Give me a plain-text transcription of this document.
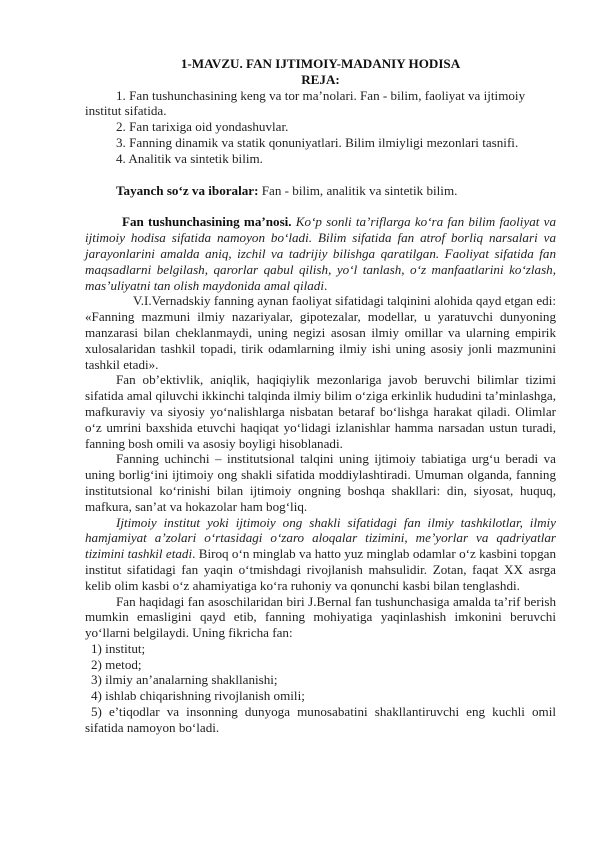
1-MAVZU. FAN IJTIMOIY-MADANIY HODISA

REJA:

1. Fan tushunchasining keng va tor ma’nolari. Fan - bilim, faoliyat va ijtimoiy institut sifatida.

2. Fan tarixiga oid yondashuvlar.

3. Fanning dinamik va statik qonuniyatlari. Bilim ilmiyligi mezonlari tasnifi.

4. Analitik va sintetik bilim.

Tayanch so‘z va iboralar: Fan - bilim, analitik va sintetik bilim.

Fan tushunchasining ma’nosi. Ko‘p sonli ta’riflarga ko‘ra fan bilim faoliyat va ijtimoiy hodisa sifatida namoyon bo‘ladi. Bilim sifatida fan atrof borliq narsalari va jarayonlarini amalda aniq, izchil va tadrijiy bilishga qaratilgan. Faoliyat sifatida fan maqsadlarni belgilash, qarorlar qabul qilish, yo‘l tanlash, o‘z manfaatlarini ko‘zlash, mas’uliyatni tan olish maydonida amal qiladi.

V.I.Vernadskiy fanning aynan faoliyat sifatidagi talqinini alohida qayd etgan edi: «Fanning mazmuni ilmiy nazariyalar, gipotezalar, modellar, u yaratuvchi dunyoning manzarasi bilan cheklanmaydi, uning negizi asosan ilmiy omillar va ularning empirik xulosalaridan tashkil topadi, tirik odamlarning ilmiy ishi uning asosiy jonli mazmunini tashkil etadi».

Fan ob’ektivlik, aniqlik, haqiqiylik mezonlariga javob beruvchi bilimlar tizimi sifatida amal qiluvchi ikkinchi talqinda ilmiy bilim o‘ziga erkinlik hududini ta’minlashga, mafkuraviy va siyosiy yo‘nalishlarga nisbatan betaraf bo‘lishga harakat qiladi. Olimlar o‘z umrini baxshida etuvchi haqiqat yo‘lidagi izlanishlar hamma narsadan ustun turadi, fanning bosh omili va asosiy boyligi hisoblanadi.

Fanning uchinchi – institutsional talqini uning ijtimoiy tabiatiga urg‘u beradi va uning borlig‘ini ijtimoiy ong shakli sifatida moddiylashtiradi. Umuman olganda, fanning institutsional ko‘rinishi bilan ijtimoiy ongning boshqa shakllari: din, siyosat, huquq, mafkura, san’at va hokazolar ham bog‘liq.

Ijtimoiy institut yoki ijtimoiy ong shakli sifatidagi fan ilmiy tashkilotlar, ilmiy hamjamiyat a’zolari o‘rtasidagi o‘zaro aloqalar tizimini, me’yorlar va qadriyatlar tizimini tashkil etadi. Biroq o‘n minglab va hatto yuz minglab odamlar o‘z kasbini topgan institut sifatidagi fan yaqin o‘tmishdagi rivojlanish mahsulidir. Zotan, faqat XX asrga kelib olim kasbi o‘z ahamiyatiga ko‘ra ruhoniy va qonunchi kasbi bilan tenglashdi.

Fan haqidagi fan asoschilaridan biri J.Bernal fan tushunchasiga amalda ta’rif berish mumkin emasligini qayd etib, fanning mohiyatiga yaqinlashish imkonini beruvchi yo‘llarni belgilaydi. Uning fikricha fan:

1) institut;

2) metod;

3) ilmiy an’analarning shakllanishi;

4) ishlab chiqarishning rivojlanish omili;

5) e’tiqodlar va insonning dunyoga munosabatini shakllantiruvchi eng kuchli omil sifatida namoyon bo‘ladi.
